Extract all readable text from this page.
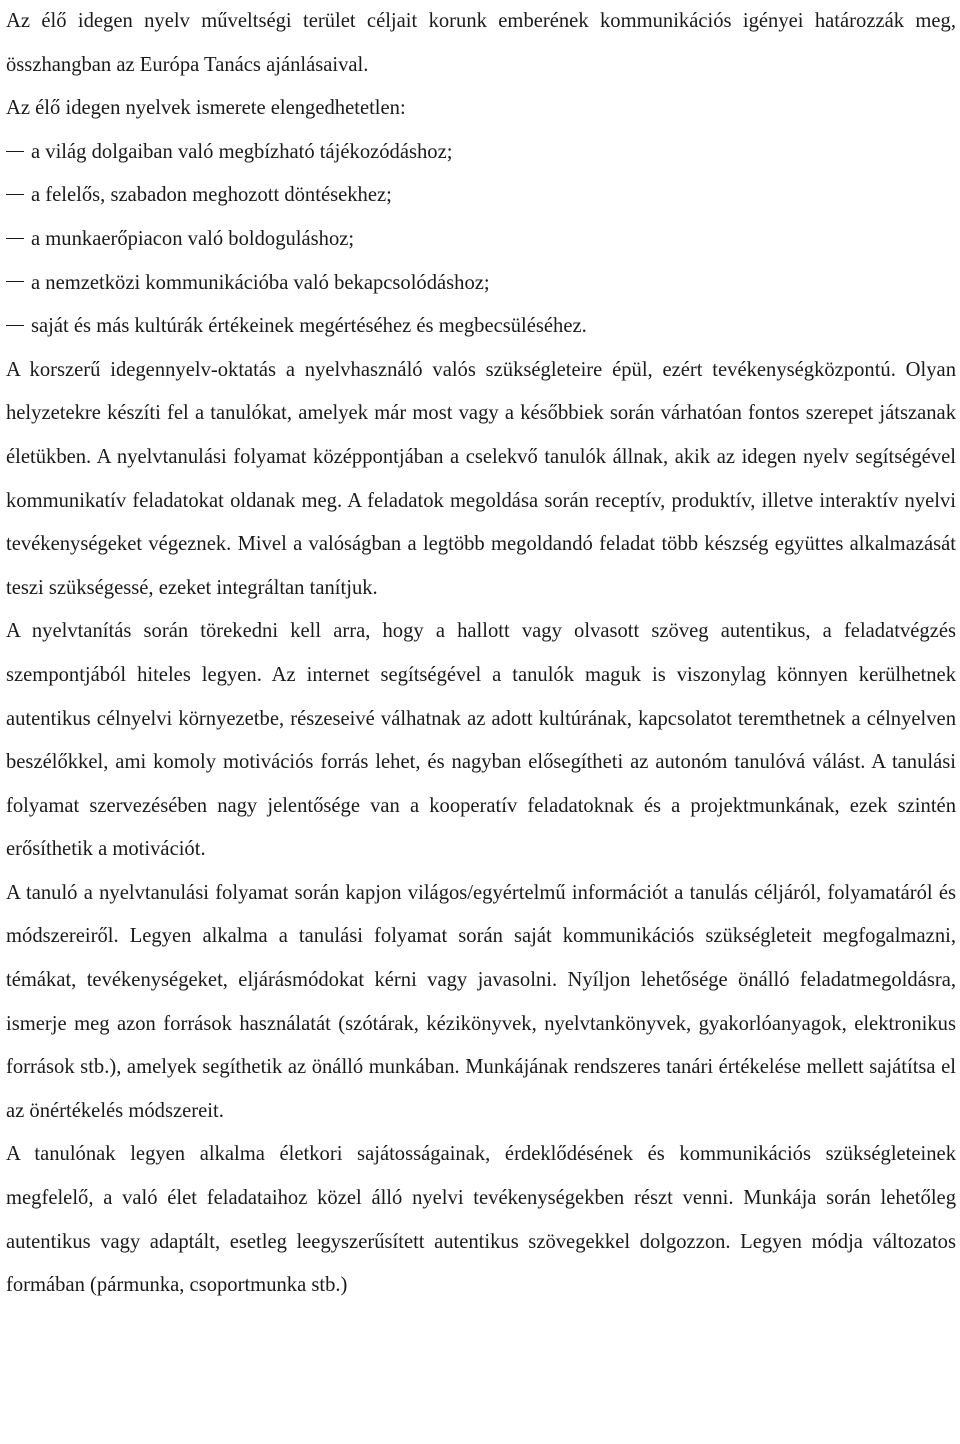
Az élő idegen nyelv műveltségi terület céljait korunk emberének kommunikációs igényei határozzák meg, összhangban az Európa Tanács ajánlásaival.

Az élő idegen nyelvek ismerete elengedhetetlen:

a világ dolgaiban való megbízható tájékozódáshoz;
a felelős, szabadon meghozott döntésekhez;
a munkaerőpiacon való boldoguláshoz;
a nemzetközi kommunikációba való bekapcsolódáshoz;
saját és más kultúrák értékeinek megértéséhez és megbecsüléséhez.

A korszerű idegennyelv-oktatás a nyelvhasználó valós szükségleteire épül, ezért tevékenységközpontú. Olyan helyzetekre készíti fel a tanulókat, amelyek már most vagy a későbbiek során várhatóan fontos szerepet játszanak életükben. A nyelvtanulási folyamat középpontjában a cselekvő tanulók állnak, akik az idegen nyelv segítségével kommunikatív feladatokat oldanak meg. A feladatok megoldása során receptív, produktív, illetve interaktív nyelvi tevékenységeket végeznek. Mivel a valóságban a legtöbb megoldandó feladat több készség együttes alkalmazását teszi szükségessé, ezeket integráltan tanítjuk.

A nyelvtanítás során törekedni kell arra, hogy a hallott vagy olvasott szöveg autentikus, a feladatvégzés szempontjából hiteles legyen. Az internet segítségével a tanulók maguk is viszonylag könnyen kerülhetnek autentikus célnyelvi környezetbe, részeseivé válhatnak az adott kultúrának, kapcsolatot teremthetnek a célnyelven beszélőkkel, ami komoly motivációs forrás lehet, és nagyban elősegítheti az autonóm tanulóvá válást. A tanulási folyamat szervezésében nagy jelentősége van a kooperatív feladatoknak és a projektmunkának, ezek szintén erősíthetik a motivációt.

A tanuló a nyelvtanulási folyamat során kapjon világos/egyértelmű információt a tanulás céljáról, folyamatáról és módszereiről. Legyen alkalma a tanulási folyamat során saját kommunikációs szükségleteit megfogalmazni, témákat, tevékenységeket, eljárásmódokat kérni vagy javasolni. Nyíljon lehetősége önálló feladatmegoldásra, ismerje meg azon források használatát (szótárak, kézikönyvek, nyelvtankönyvek, gyakorlóanyagok, elektronikus források stb.), amelyek segíthetik az önálló munkában. Munkájának rendszeres tanári értékelése mellett sajátítsa el az önértékelés módszereit.

A tanulónak legyen alkalma életkori sajátosságainak, érdeklődésének és kommunikációs szükségleteinek megfelelő, a való élet feladataihoz közel álló nyelvi tevékenységekben részt venni. Munkája során lehetőleg autentikus vagy adaptált, esetleg leegyszerűsített autentikus szövegekkel dolgozzon. Legyen módja változatos formában (pármunka, csoportmunka stb.)
